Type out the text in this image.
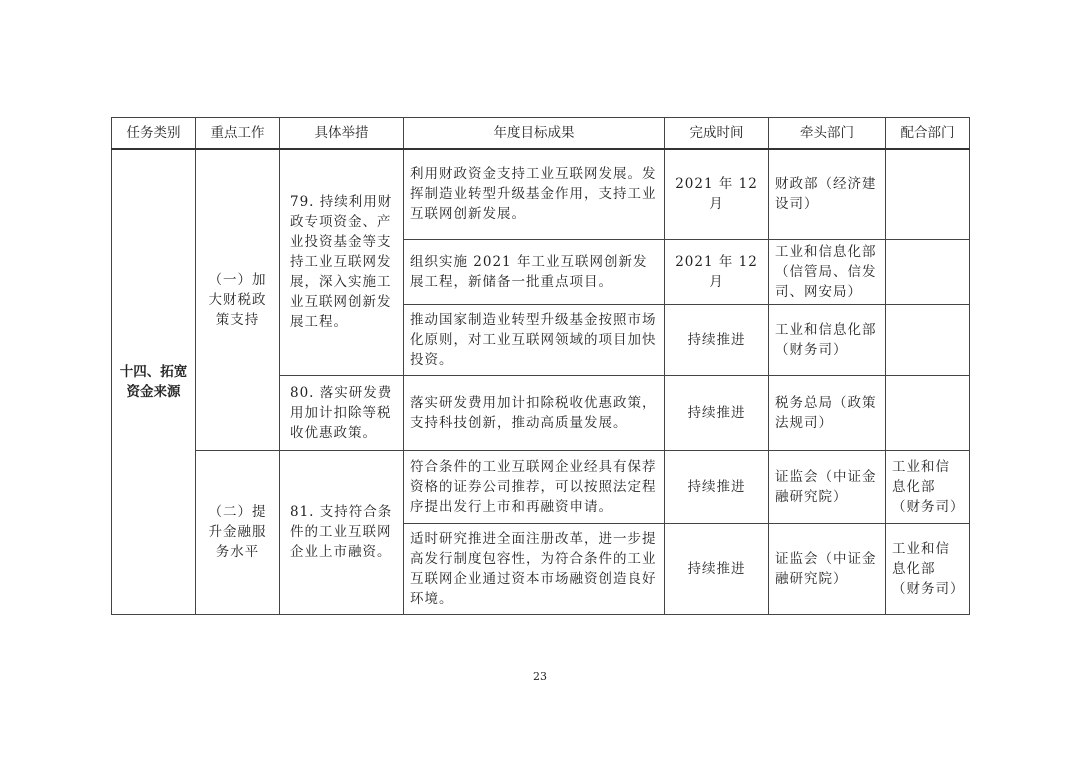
任务类别	重点工作	具体举措	年度目标成果	完成时间	牵头部门	配合部门
十四、拓宽资金来源	（一）加大财税政策支持	79. 持续利用财政专项资金、产业投资基金等支持工业互联网发展，深入实施工业互联网创新发展工程。	利用财政资金支持工业互联网发展。发挥制造业转型升级基金作用，支持工业互联网创新发展。	2021 年 12 月	财政部（经济建设司）	
			组织实施 2021 年工业互联网创新发展工程，新储备一批重点项目。	2021 年 12 月	工业和信息化部（信管局、信发司、网安局）	
			推动国家制造业转型升级基金按照市场化原则，对工业互联网领域的项目加快投资。	持续推进	工业和信息化部（财务司）	
		80. 落实研发费用加计扣除等税收优惠政策。	落实研发费用加计扣除税收优惠政策，支持科技创新，推动高质量发展。	持续推进	税务总局（政策法规司）	
	（二）提升金融服务水平	81. 支持符合条件的工业互联网企业上市融资。	符合条件的工业互联网企业经具有保荐资格的证券公司推荐，可以按照法定程序提出发行上市和再融资申请。	持续推进	证监会（中证金融研究院）	工业和信息化部（财务司）
			适时研究推进全面注册改革，进一步提高发行制度包容性，为符合条件的工业互联网企业通过资本市场融资创造良好环境。	持续推进	证监会（中证金融研究院）	工业和信息化部（财务司）
23
